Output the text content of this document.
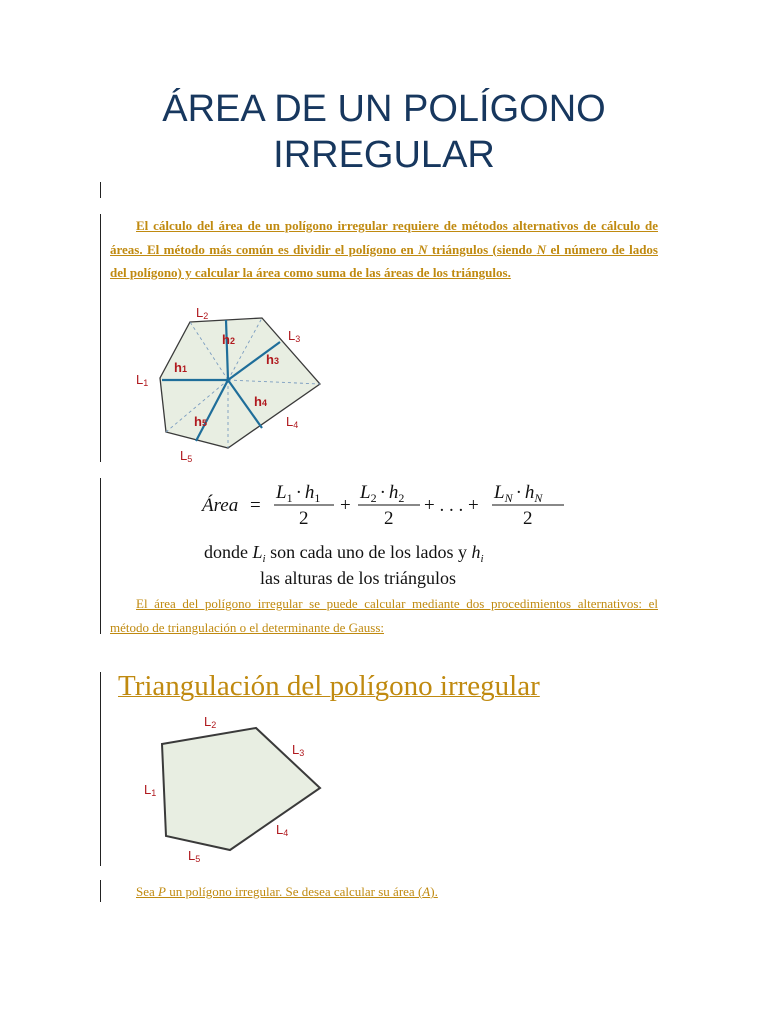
ÁREA DE UN POLÍGONO
IRREGULAR

El cálculo del área de un polígono irregular requiere de métodos alternativos de cálculo de áreas. El método más común es dividir el polígono en N triángulos (siendo N el número de lados del polígono) y calcular la área como suma de las áreas de los triángulos.

L2
L3
L1
L4
L5
h2
h3
h1
h4
h5
Área =
$L_1 \cdot h_1$
2
+
$L_2 \cdot h_2$
2
+ . . . +
$L_N \cdot h_N$
2
donde $L_i$ son cada uno de los lados y $h_i$
las alturas de los triángulos

El área del polígono irregular se puede calcular mediante dos procedimientos alternativos: el método de triangulación o el determinante de Gauss:

Triangulación del polígono irregular
L2
L3
L1
L4
L5

Sea P un polígono irregular. Se desea calcular su área (A).
